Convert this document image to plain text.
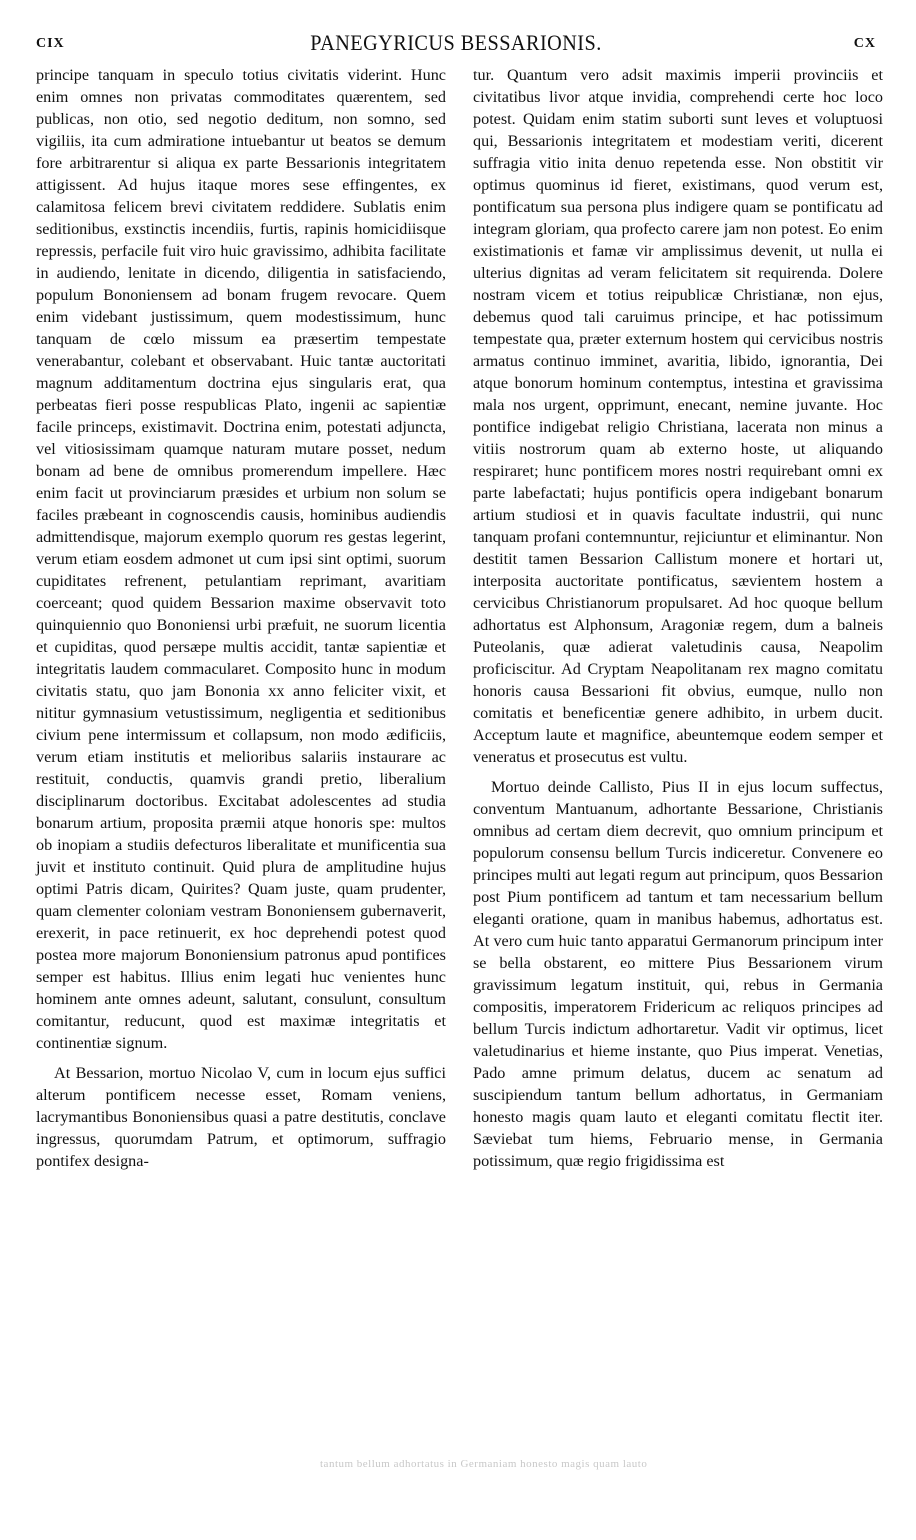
CIX	PANEGYRICUS BESSARIONIS.	CX

principe tanquam in speculo totius civitatis viderint. Hunc enim omnes non privatas commoditates quærentem, sed publicas, non otio, sed negotio deditum, non somno, sed vigiliis, ita cum admiratione intuebantur ut beatos se demum fore arbitrarentur si aliqua ex parte Bessarionis integritatem attigissent. Ad hujus itaque mores sese effingentes, ex calamitosa felicem brevi civitatem reddidere. Sublatis enim seditionibus, exstinctis incendiis, furtis, rapinis homicidiisque repressis, perfacile fuit viro huic gravissimo, adhibita facilitate in audiendo, lenitate in dicendo, diligentia in satisfaciendo, populum Bononiensem ad bonam frugem revocare. Quem enim videbant justissimum, quem modestissimum, hunc tanquam de cœlo missum ea præsertim tempestate venerabantur, colebant et observabant. Huic tantæ auctoritati magnum additamentum doctrina ejus singularis erat, qua perbeatas fieri posse respublicas Plato, ingenii ac sapientiæ facile princeps, existimavit. Doctrina enim, potestati adjuncta, vel vitiosissimam quamque naturam mutare posset, nedum bonam ad bene de omnibus promerendum impellere. Hæc enim facit ut provinciarum præsides et urbium non solum se faciles præbeant in cognoscendis causis, hominibus audiendis admittendisque, majorum exemplo quorum res gestas legerint, verum etiam eosdem admonet ut cum ipsi sint optimi, suorum cupiditates refrenent, petulantiam reprimant, avaritiam coerceant; quod quidem Bessarion maxime observavit toto quinquiennio quo Bononiensi urbi præfuit, ne suorum licentia et cupiditas, quod persæpe multis accidit, tantæ sapientiæ et integritatis laudem commacularet. Composito hunc in modum civitatis statu, quo jam Bononia xx anno feliciter vixit, et nititur gymnasium vetustissimum, negligentia et seditionibus civium pene intermissum et collapsum, non modo ædificiis, verum etiam institutis et melioribus salariis instaurare ac restituit, conductis, quamvis grandi pretio, liberalium disciplinarum doctoribus. Excitabat adolescentes ad studia bonarum artium, proposita præmii atque honoris spe: multos ob inopiam a studiis defecturos liberalitate et munificentia sua juvit et instituto continuit. Quid plura de amplitudine hujus optimi Patris dicam, Quirites? Quam juste, quam prudenter, quam clementer coloniam vestram Bononiensem gubernaverit, erexerit, in pace retinuerit, ex hoc deprehendi potest quod postea more majorum Bononiensium patronus apud pontifices semper est habitus. Illius enim legati huc venientes hunc hominem ante omnes adeunt, salutant, consulunt, consultum comitantur, reducunt, quod est maximæ integritatis et continentiæ signum.

At Bessarion, mortuo Nicolao V, cum in locum ejus suffici alterum pontificem necesse esset, Romam veniens, lacrymantibus Bononiensibus quasi a patre destitutis, conclave ingressus, quorumdam Patrum, et optimorum, suffragio pontifex designa-

tur. Quantum vero adsit maximis imperii provinciis et civitatibus livor atque invidia, comprehendi certe hoc loco potest. Quidam enim statim suborti sunt leves et voluptuosi qui, Bessarionis integritatem et modestiam veriti, dicerent suffragia vitio inita denuo repetenda esse. Non obstitit vir optimus quominus id fieret, existimans, quod verum est, pontificatum sua persona plus indigere quam se pontificatu ad integram gloriam, qua profecto carere jam non potest. Eo enim existimationis et famæ vir amplissimus devenit, ut nulla ei ulterius dignitas ad veram felicitatem sit requirenda. Dolere nostram vicem et totius reipublicæ Christianæ, non ejus, debemus quod tali caruimus principe, et hac potissimum tempestate qua, præter externum hostem qui cervicibus nostris armatus continuo imminet, avaritia, libido, ignorantia, Dei atque bonorum hominum contemptus, intestina et gravissima mala nos urgent, opprimunt, enecant, nemine juvante. Hoc pontifice indigebat religio Christiana, lacerata non minus a vitiis nostrorum quam ab externo hoste, ut aliquando respiraret; hunc pontificem mores nostri requirebant omni ex parte labefactati; hujus pontificis opera indigebant bonarum artium studiosi et in quavis facultate industrii, qui nunc tanquam profani contemnuntur, rejiciuntur et eliminantur. Non destitit tamen Bessarion Callistum monere et hortari ut, interposita auctoritate pontificatus, sævientem hostem a cervicibus Christianorum propulsaret. Ad hoc quoque bellum adhortatus est Alphonsum, Aragoniæ regem, dum a balneis Puteolanis, quæ adierat valetudinis causa, Neapolim proficiscitur. Ad Cryptam Neapolitanam rex magno comitatu honoris causa Bessarioni fit obvius, eumque, nullo non comitatis et beneficentiæ genere adhibito, in urbem ducit. Acceptum laute et magnifice, abeuntemque eodem semper et veneratus et prosecutus est vultu.

Mortuo deinde Callisto, Pius II in ejus locum suffectus, conventum Mantuanum, adhortante Bessarione, Christianis omnibus ad certam diem decrevit, quo omnium principum et populorum consensu bellum Turcis indiceretur. Convenere eo principes multi aut legati regum aut principum, quos Bessarion post Pium pontificem ad tantum et tam necessarium bellum eleganti oratione, quam in manibus habemus, adhortatus est. At vero cum huic tanto apparatui Germanorum principum inter se bella obstarent, eo mittere Pius Bessarionem virum gravissimum legatum instituit, qui, rebus in Germania compositis, imperatorem Fridericum ac reliquos principes ad bellum Turcis indictum adhortaretur. Vadit vir optimus, licet valetudinarius et hieme instante, quo Pius imperat. Venetias, Pado amne primum delatus, ducem ac senatum ad suscipiendum tantum bellum adhortatus, in Germaniam honesto magis quam lauto et eleganti comitatu flectit iter. Sæviebat tum hiems, Februario mense, in Germania potissimum, quæ regio frigidissima est

tantum bellum adhortatus in Germaniam honesto magis quam lauto
